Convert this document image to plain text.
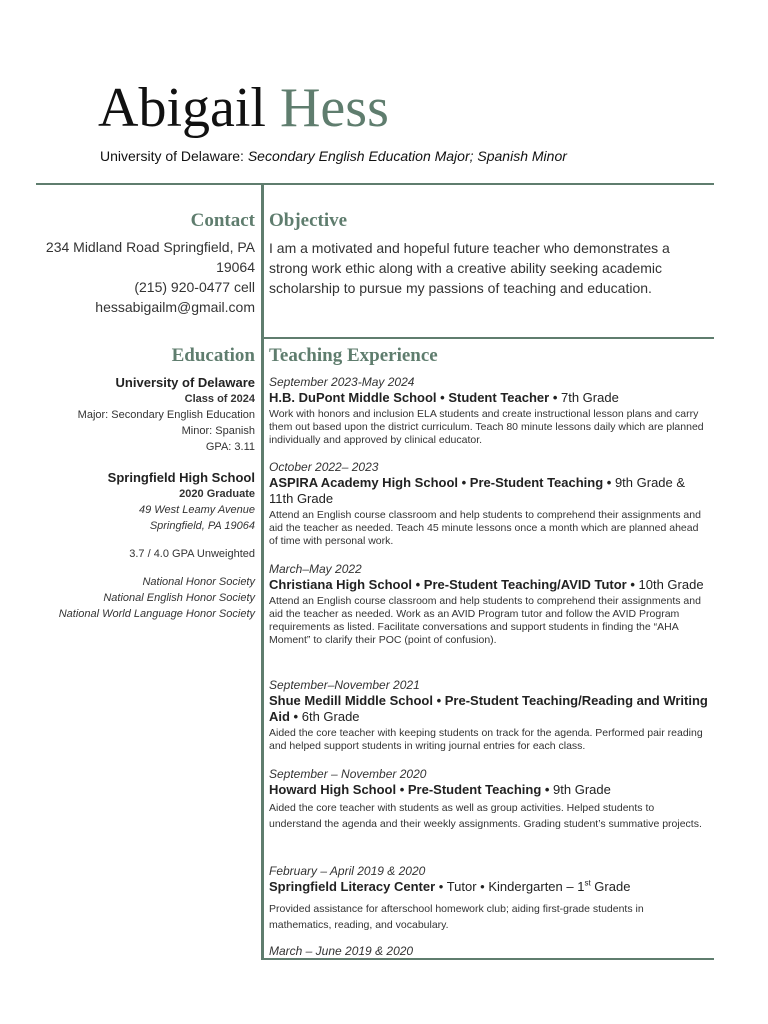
Abigail Hess
University of Delaware: Secondary English Education Major; Spanish Minor
Contact
234 Midland Road Springfield, PA
19064
(215) 920-0477 cell
hessabigailm@gmail.com
Objective
I am a motivated and hopeful future teacher who demonstrates a strong work ethic along with a creative ability seeking academic scholarship to pursue my passions of teaching and education.
Education
University of Delaware
Class of 2024
Major: Secondary English Education
Minor: Spanish
GPA: 3.11
Springfield High School
2020 Graduate
49 West Leamy Avenue
Springfield, PA 19064
3.7 / 4.0 GPA Unweighted
National Honor Society
National English Honor Society
National World Language Honor Society
Teaching Experience
September 2023-May 2024
H.B. DuPont Middle School • Student Teacher • 7th Grade
Work with honors and inclusion ELA students and create instructional lesson plans and carry them out based upon the district curriculum. Teach 80 minute lessons daily which are planned individually and approved by clinical educator.
October 2022– 2023
ASPIRA Academy High School • Pre-Student Teaching • 9th Grade & 11th Grade
Attend an English course classroom and help students to comprehend their assignments and aid the teacher as needed. Teach 45 minute lessons once a month which are planned ahead of time with personal work.
March–May 2022
Christiana High School • Pre-Student Teaching/AVID Tutor • 10th Grade
Attend an English course classroom and help students to comprehend their assignments and aid the teacher as needed. Work as an AVID Program tutor and follow the AVID Program requirements as listed. Facilitate conversations and support students in finding the “AHA Moment” to clarify their POC (point of confusion).
September–November 2021
Shue Medill Middle School • Pre-Student Teaching/Reading and Writing Aid • 6th Grade
Aided the core teacher with keeping students on track for the agenda. Performed pair reading and helped support students in writing journal entries for each class.
September – November 2020
Howard High School • Pre-Student Teaching • 9th Grade
Aided the core teacher with students as well as group activities. Helped students to understand the agenda and their weekly assignments. Grading student’s summative projects.
February – April 2019 & 2020
Springfield Literacy Center • Tutor • Kindergarten – 1st Grade
Provided assistance for afterschool homework club; aiding first-grade students in mathematics, reading, and vocabulary.
March – June 2019 & 2020
